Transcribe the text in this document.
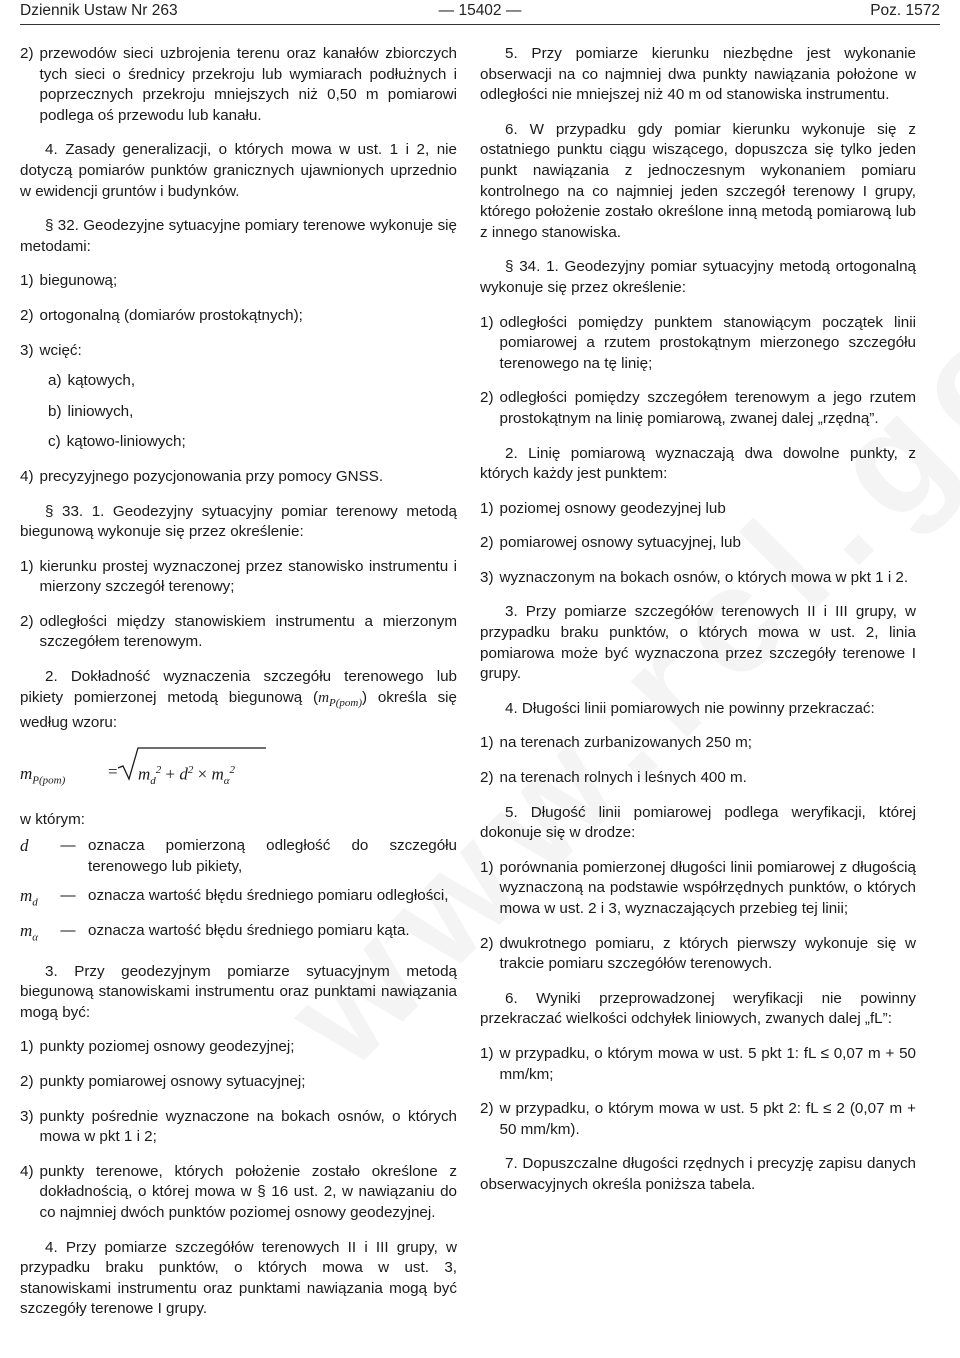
Dziennik Ustaw Nr 263	— 15402 —	Poz. 1572
2) przewodów sieci uzbrojenia terenu oraz kanałów zbiorczych tych sieci o średnicy przekroju lub wymiarach podłużnych i poprzecznych przekroju mniejszych niż 0,50 m pomiarowi podlega oś przewodu lub kanału.

4. Zasady generalizacji, o których mowa w ust. 1 i 2, nie dotyczą pomiarów punktów granicznych ujawnionych uprzednio w ewidencji gruntów i budynków.

§ 32. Geodezyjne sytuacyjne pomiary terenowe wykonuje się metodami:

1) biegunową;
2) ortogonalną (domiarów prostokątnych);
3) wcięć:
a) kątowych,
b) liniowych,
c) kątowo-liniowych;
4) precyzyjnego pozycjonowania przy pomocy GNSS.

§ 33. 1. Geodezyjny sytuacyjny pomiar terenowy metodą biegunową wykonuje się przez określenie:

1) kierunku prostej wyznaczonej przez stanowisko instrumentu i mierzony szczegół terenowy;
2) odległości między stanowiskiem instrumentu a mierzonym szczegółem terenowym.

2. Dokładność wyznaczenia szczegółu terenowego lub pikiety pomierzonej metodą biegunową $(m_{P(pom)})$ określa się według wzoru:

$m_{P(pom)}$	= $m_d^2 + d^2 \times m_\alpha^2$

w którym:

d	— oznacza pomierzoną odległość do szczegółu terenowego lub pikiety,
$m_d$	— oznacza wartość błędu średniego pomiaru odległości,
$m_\alpha$	— oznacza wartość błędu średniego pomiaru kąta.

3. Przy geodezyjnym pomiarze sytuacyjnym metodą biegunową stanowiskami instrumentu oraz punktami nawiązania mogą być:

1) punkty poziomej osnowy geodezyjnej;
2) punkty pomiarowej osnowy sytuacyjnej;
3) punkty pośrednie wyznaczone na bokach osnów, o których mowa w pkt 1 i 2;
4) punkty terenowe, których położenie zostało określone z dokładnością, o której mowa w § 16 ust. 2, w nawiązaniu do co najmniej dwóch punktów poziomej osnowy geodezyjnej.

4. Przy pomiarze szczegółów terenowych II i III grupy, w przypadku braku punktów, o których mowa w ust. 3, stanowiskami instrumentu oraz punktami nawiązania mogą być szczegóły terenowe I grupy.

5. Przy pomiarze kierunku niezbędne jest wykonanie obserwacji na co najmniej dwa punkty nawiązania położone w odległości nie mniejszej niż 40 m od stanowiska instrumentu.

6. W przypadku gdy pomiar kierunku wykonuje się z ostatniego punktu ciągu wiszącego, dopuszcza się tylko jeden punkt nawiązania z jednoczesnym wykonaniem pomiaru kontrolnego na co najmniej jeden szczegół terenowy I grupy, którego położenie zostało określone inną metodą pomiarową lub z innego stanowiska.

§ 34. 1. Geodezyjny pomiar sytuacyjny metodą ortogonalną wykonuje się przez określenie:

1) odległości pomiędzy punktem stanowiącym początek linii pomiarowej a rzutem prostokątnym mierzonego szczegółu terenowego na tę linię;
2) odległości pomiędzy szczegółem terenowym a jego rzutem prostokątnym na linię pomiarową, zwanej dalej „rzędną”.

2. Linię pomiarową wyznaczają dwa dowolne punkty, z których każdy jest punktem:

1) poziomej osnowy geodezyjnej lub
2) pomiarowej osnowy sytuacyjnej, lub
3) wyznaczonym na bokach osnów, o których mowa w pkt 1 i 2.

3. Przy pomiarze szczegółów terenowych II i III grupy, w przypadku braku punktów, o których mowa w ust. 2, linia pomiarowa może być wyznaczona przez szczegóły terenowe I grupy.

4. Długości linii pomiarowych nie powinny przekraczać:

1) na terenach zurbanizowanych 250 m;
2) na terenach rolnych i leśnych 400 m.

5. Długość linii pomiarowej podlega weryfikacji, której dokonuje się w drodze:

1) porównania pomierzonej długości linii pomiarowej z długością wyznaczoną na podstawie współrzędnych punktów, o których mowa w ust. 2 i 3, wyznaczających przebieg tej linii;
2) dwukrotnego pomiaru, z których pierwszy wykonuje się w trakcie pomiaru szczegółów terenowych.

6. Wyniki przeprowadzonej weryfikacji nie powinny przekraczać wielkości odchyłek liniowych, zwanych dalej „fL”:

1) w przypadku, o którym mowa w ust. 5 pkt 1: fL ≤ 0,07 m + 50 mm/km;
2) w przypadku, o którym mowa w ust. 5 pkt 2: fL ≤ 2 (0,07 m + 50 mm/km).

7. Dopuszczalne długości rzędnych i precyzję zapisu danych obserwacyjnych określa poniższa tabela.
